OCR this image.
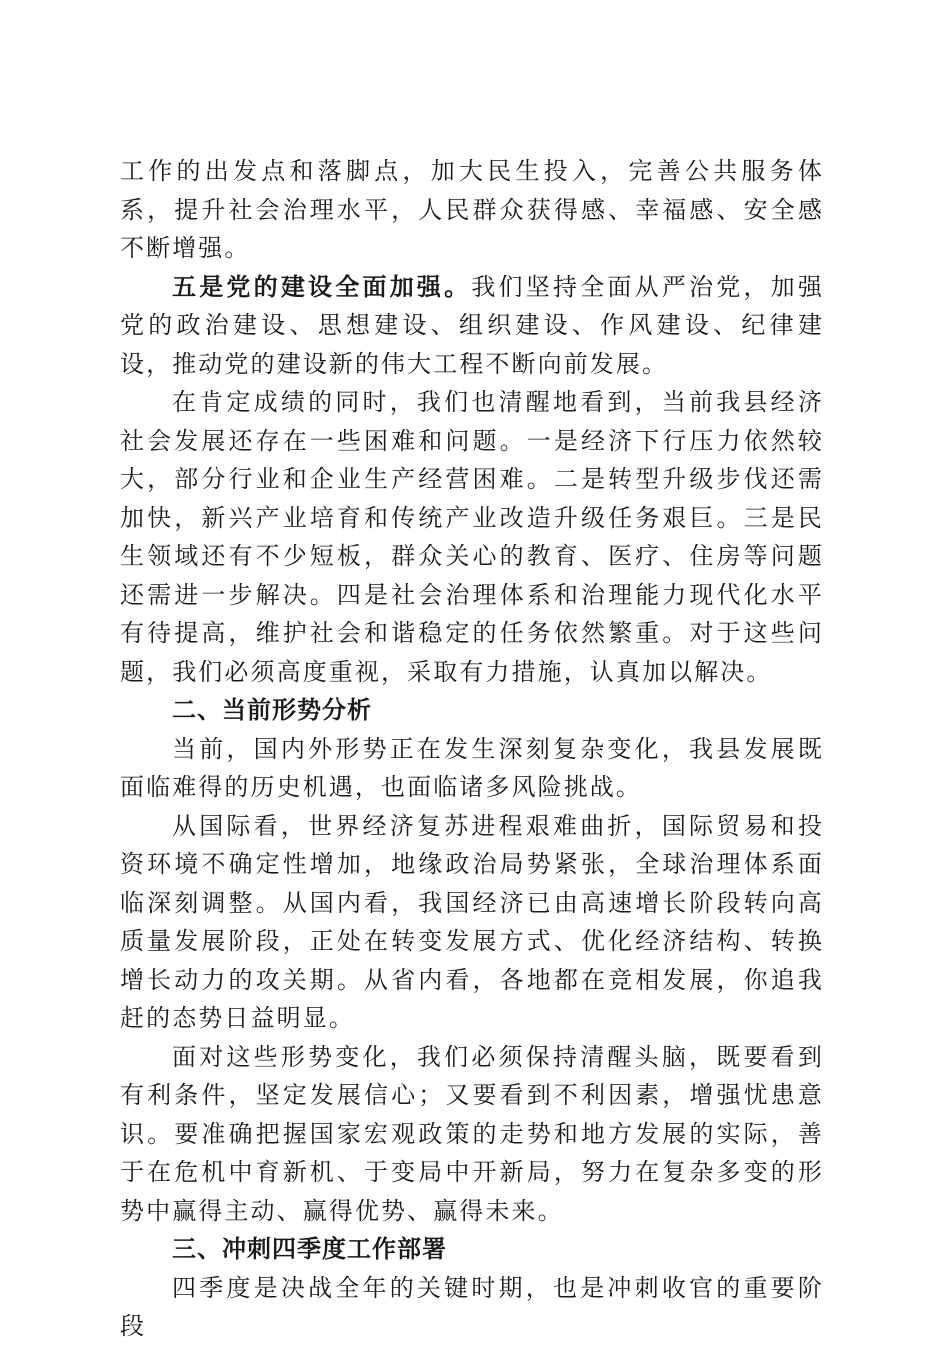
工作的出发点和落脚点，加大民生投入，完善公共服务体系，提升社会治理水平，人民群众获得感、幸福感、安全感不断增强。

五是党的建设全面加强。我们坚持全面从严治党，加强党的政治建设、思想建设、组织建设、作风建设、纪律建设，推动党的建设新的伟大工程不断向前发展。

在肯定成绩的同时，我们也清醒地看到，当前我县经济社会发展还存在一些困难和问题。一是经济下行压力依然较大，部分行业和企业生产经营困难。二是转型升级步伐还需加快，新兴产业培育和传统产业改造升级任务艰巨。三是民生领域还有不少短板，群众关心的教育、医疗、住房等问题还需进一步解决。四是社会治理体系和治理能力现代化水平有待提高，维护社会和谐稳定的任务依然繁重。对于这些问题，我们必须高度重视，采取有力措施，认真加以解决。

二、当前形势分析

当前，国内外形势正在发生深刻复杂变化，我县发展既面临难得的历史机遇，也面临诸多风险挑战。

从国际看，世界经济复苏进程艰难曲折，国际贸易和投资环境不确定性增加，地缘政治局势紧张，全球治理体系面临深刻调整。从国内看，我国经济已由高速增长阶段转向高质量发展阶段，正处在转变发展方式、优化经济结构、转换增长动力的攻关期。从省内看，各地都在竞相发展，你追我赶的态势日益明显。

面对这些形势变化，我们必须保持清醒头脑，既要看到有利条件，坚定发展信心；又要看到不利因素，增强忧患意识。要准确把握国家宏观政策的走势和地方发展的实际，善于在危机中育新机、于变局中开新局，努力在复杂多变的形势中赢得主动、赢得优势、赢得未来。

三、冲刺四季度工作部署

四季度是决战全年的关键时期，也是冲刺收官的重要阶段
